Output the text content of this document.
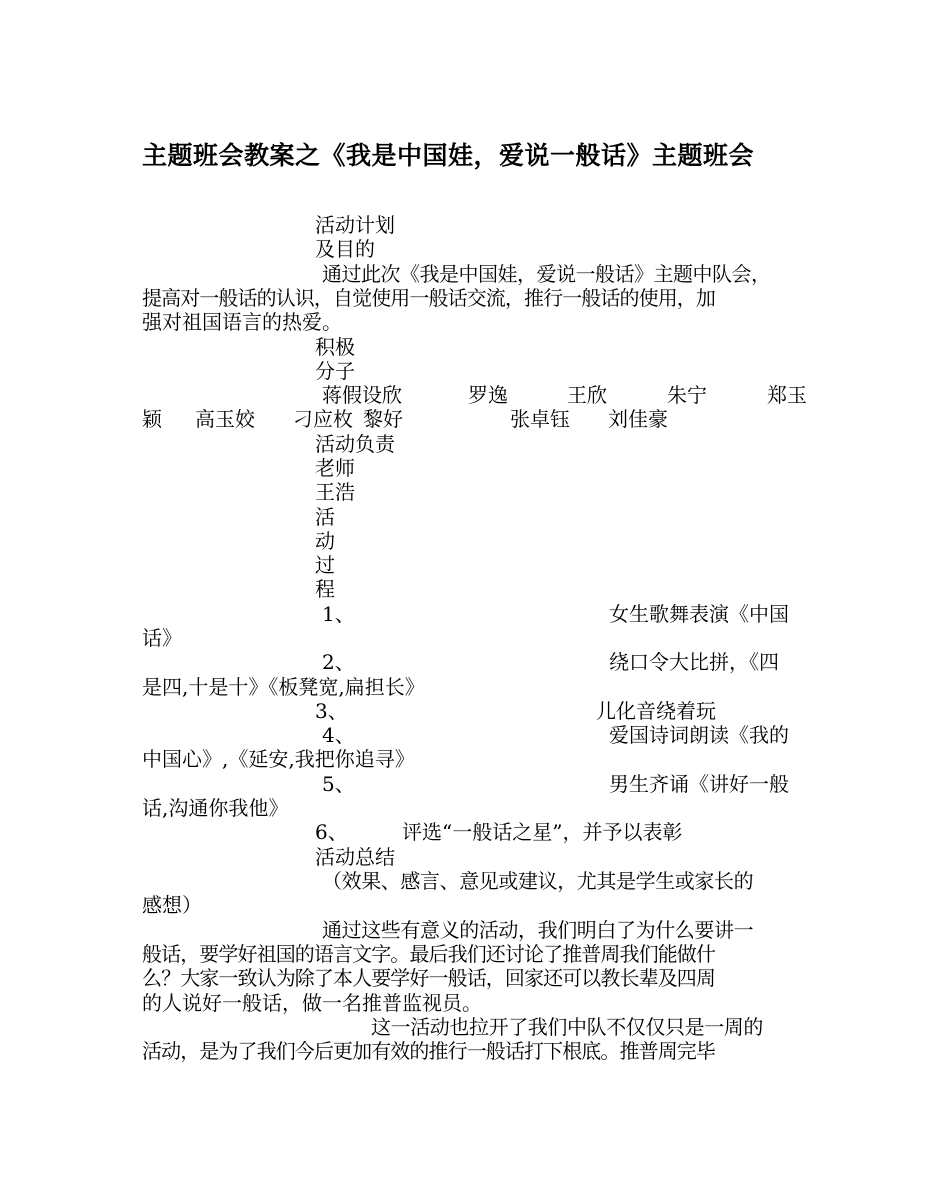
主题班会教案之《我是中国娃，爱说一般话》主题班会
活动计划
及目的
通过此次《我是中国娃，爱说一般话》主题中队会，
提高对一般话的认识，自觉使用一般话交流，推行一般话的使用，加
强对祖国语言的热爱。
积极
分子
蒋假设欣	罗逸	王欣	朱宁	郑玉
颖 高玉姣 刁应枚 黎好	张卓钰 刘佳豪
活动负责
老师
王浩
活
动
过
程
1、	女生歌舞表演《中国
话》
2、	绕口令大比拼，《四
是四,十是十》《板凳宽,扁担长》
3、	儿化音绕着玩
4、	爱国诗词朗读《我的
中国心》,《延安,我把你追寻》
5、	男生齐诵《讲好一般
话,沟通你我他》
6、	评选“一般话之星”，并予以表彰
活动总结
（效果、感言、意见或建议，尤其是学生或家长的
感想）
通过这些有意义的活动，我们明白了为什么要讲一
般话，要学好祖国的语言文字。最后我们还讨论了推普周我们能做什
么？大家一致认为除了本人要学好一般话，回家还可以教长辈及四周
的人说好一般话，做一名推普监视员。
这一活动也拉开了我们中队不仅仅只是一周的
活动，是为了我们今后更加有效的推行一般话打下根底。推普周完毕
